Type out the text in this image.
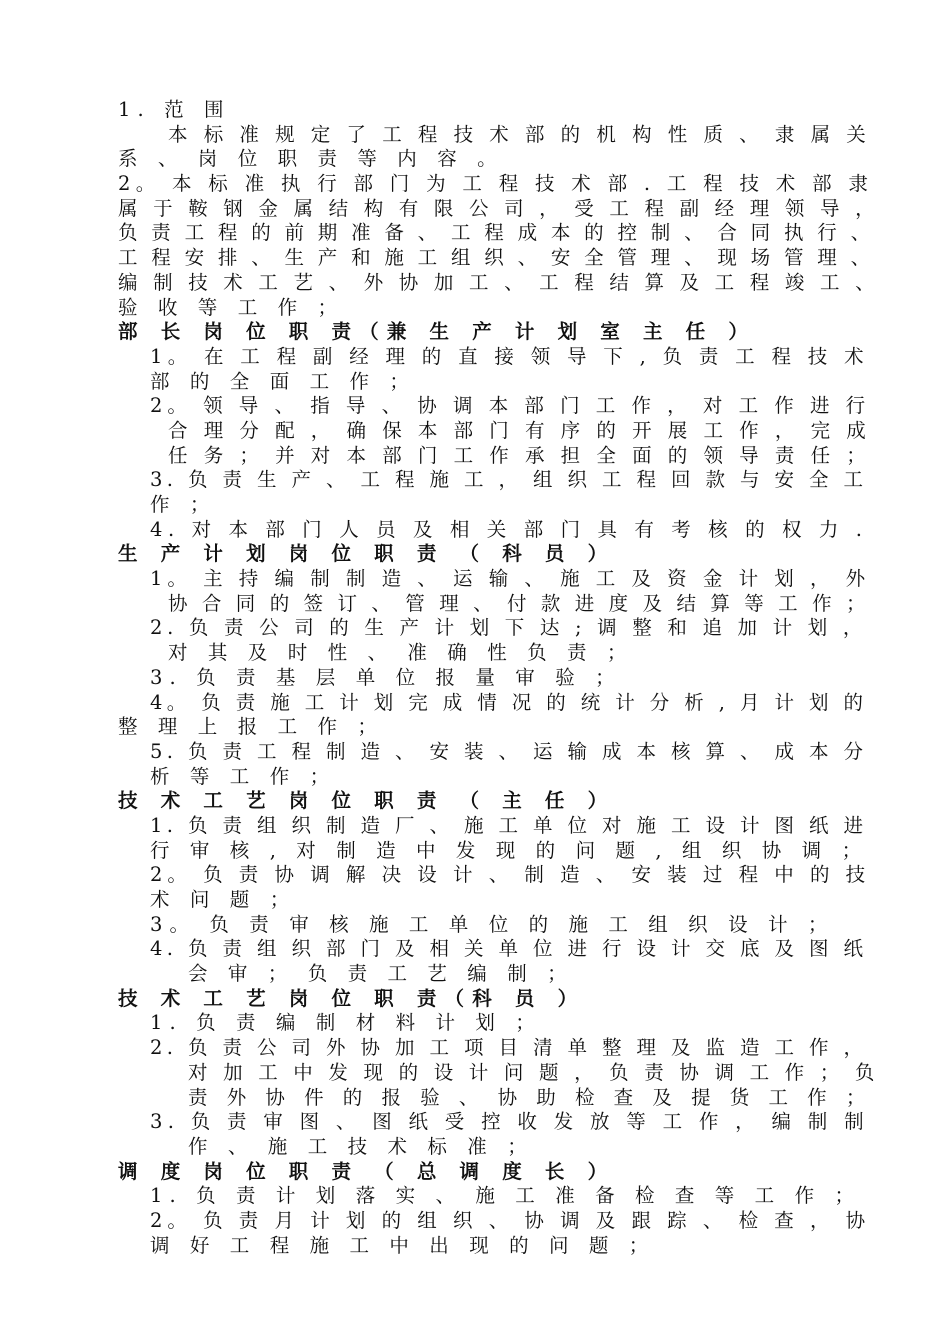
1. 范 围
本 标 准 规 定 了 工 程 技 术 部 的 机 构 性 质 、 隶 属 关
系 、 岗 位 职 责 等 内 容 。
2。 本 标 准 执 行 部 门 为 工 程 技 术 部 . 工 程 技 术 部 隶
属 于 鞍 钢 金 属 结 构 有 限 公 司 ， 受 工 程 副 经 理 领 导 ，
负 责 工 程 的 前 期 准 备 、 工 程 成 本 的 控 制 、 合 同 执 行 、
工 程 安 排 、 生 产 和 施 工 组 织 、 安 全 管 理 、 现 场 管 理 、
编 制 技 术 工 艺 、 外 协 加 工 、 工 程 结 算 及 工 程 竣 工 、
验 收 等 工 作 ；
部 长 岗 位 职 责（兼 生 产 计 划 室 主 任 ）
1。 在 工 程 副 经 理 的 直 接 领 导 下 , 负 责 工 程 技 术
部 的 全 面 工 作 ；
2。 领 导 、 指 导 、 协 调 本 部 门 工 作 ， 对 工 作 进 行
合 理 分 配 ， 确 保 本 部 门 有 序 的 开 展 工 作 ， 完 成
任 务 ； 并 对 本 部 门 工 作 承 担 全 面 的 领 导 责 任 ；
3. 负 责 生 产 、 工 程 施 工 ， 组 织 工 程 回 款 与 安 全 工
作 ；
4. 对 本 部 门 人 员 及 相 关 部 门 具 有 考 核 的 权 力 .
生 产 计 划 岗 位 职 责 （ 科 员 ）
1。 主 持 编 制 制 造 、 运 输 、 施 工 及 资 金 计 划 ， 外
协 合 同 的 签 订 、 管 理 、 付 款 进 度 及 结 算 等 工 作 ；
2. 负 责 公 司 的 生 产 计 划 下 达 ; 调 整 和 追 加 计 划 ，
对 其 及 时 性 、 准 确 性 负 责 ；
3. 负 责 基 层 单 位 报 量 审 验 ；
4。 负 责 施 工 计 划 完 成 情 况 的 统 计 分 析 , 月 计 划 的
整 理 上 报 工 作 ；
5. 负 责 工 程 制 造 、 安 装 、 运 输 成 本 核 算 、 成 本 分
析 等 工 作 ；
技 术 工 艺 岗 位 职 责 （ 主 任 ）
1. 负 责 组 织 制 造 厂 、 施 工 单 位 对 施 工 设 计 图 纸 进
行 审 核 , 对 制 造 中 发 现 的 问 题 , 组 织 协 调 ；
2。 负 责 协 调 解 决 设 计 、 制 造 、 安 装 过 程 中 的 技
术 问 题 ；
3。 负 责 审 核 施 工 单 位 的 施 工 组 织 设 计 ；
4. 负 责 组 织 部 门 及 相 关 单 位 进 行 设 计 交 底 及 图 纸
会 审 ； 负 责 工 艺 编 制 ；
技 术 工 艺 岗 位 职 责（科 员 ）
1. 负 责 编 制 材 料 计 划 ；
2. 负 责 公 司 外 协 加 工 项 目 清 单 整 理 及 监 造 工 作 ，
对 加 工 中 发 现 的 设 计 问 题 ， 负 责 协 调 工 作 ； 负
责 外 协 件 的 报 验 、 协 助 检 查 及 提 货 工 作 ；
3. 负 责 审 图 、 图 纸 受 控 收 发 放 等 工 作 ， 编 制 制
作 、 施 工 技 术 标 准 ；
调 度 岗 位 职 责 （ 总 调 度 长 ）
1. 负 责 计 划 落 实 、 施 工 准 备 检 查 等 工 作 ；
2。 负 责 月 计 划 的 组 织 、 协 调 及 跟 踪 、 检 查 ， 协
调 好 工 程 施 工 中 出 现 的 问 题 ；
